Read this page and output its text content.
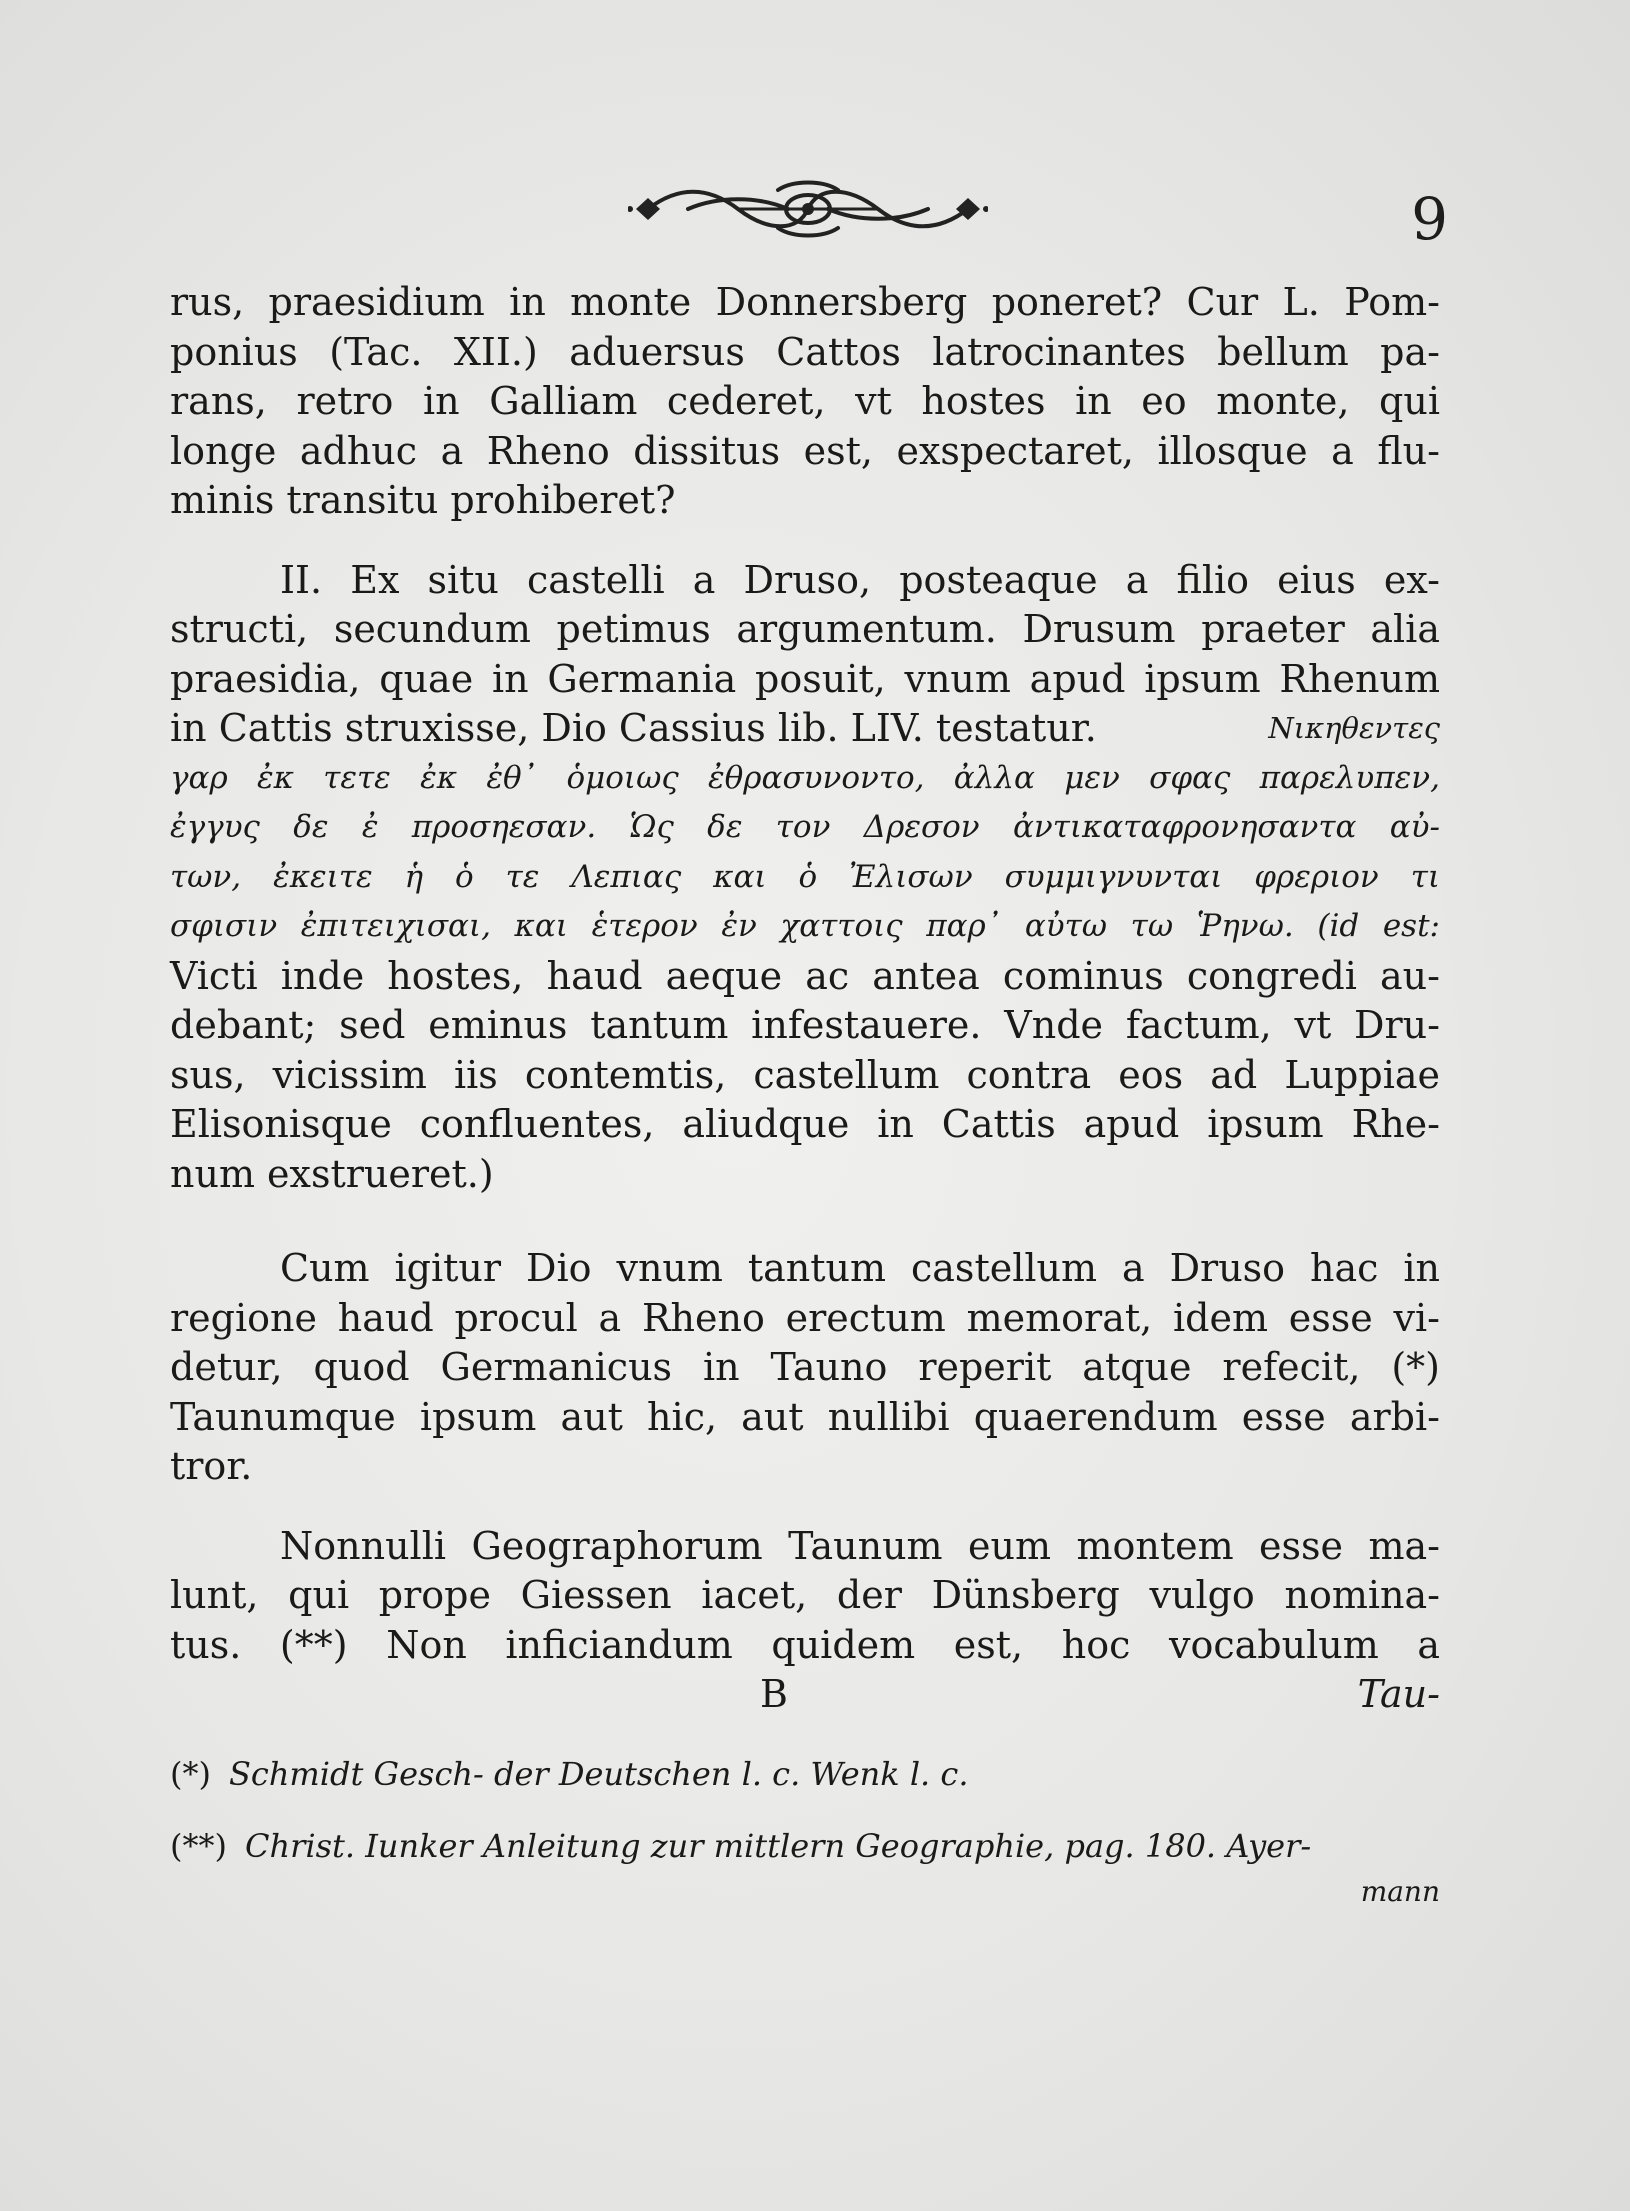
9
rus, praesidium in monte Donnersberg poneret? Cur L. Pom-
ponius (Tac. XII.) aduersus Cattos latrocinantes bellum pa-
rans, retro in Galliam cederet, vt hostes in eo monte, qui
longe adhuc a Rheno dissitus est, exspectaret, illosque a flu-
minis transitu prohiberet?
II. Ex situ castelli a Druso, posteaque a filio eius ex-
structi, secundum petimus argumentum. Drusum praeter alia
praesidia, quae in Germania posuit, vnum apud ipsum Rhenum
in Cattis struxisse, Dio Cassius lib. LIV. testatur.	Νικηθεντες
γαρ ἐκ τετε ἐκ ἐθ᾽ ὁμοιως ἐθρασυνοντο, ἀλλα μεν σφας παρελυπεν,
ἐγγυς δε ἐ προσηεσαν. Ὡς δε τον Δρεσον ἀντικαταφρονησαντα αὐ-
των, ἐκειτε ἡ ὁ τε Λεπιας και ὁ Ἐλισων συμμιγνυνται φρεριον τι
σφισιν ἐπιτειχισαι, και ἑτερον ἐν χαττοις παρ᾽ αὐτω τω Ῥηνω. (id est:
Victi inde hostes, haud aeque ac antea cominus congredi au-
debant; sed eminus tantum infestauere. Vnde factum, vt Dru-
sus, vicissim iis contemtis, castellum contra eos ad Luppiae
Elisonisque confluentes, aliudque in Cattis apud ipsum Rhe-
num exstrueret.)
Cum igitur Dio vnum tantum castellum a Druso hac in
regione haud procul a Rheno erectum memorat, idem esse vi-
detur, quod Germanicus in Tauno reperit atque refecit, (*)
Taunumque ipsum aut hic, aut nullibi quaerendum esse arbi-
tror.
Nonnulli Geographorum Taunum eum montem esse ma-
lunt, qui prope Giessen iacet, der Dünsberg vulgo nomina-
tus. (**) Non inficiandum quidem est, hoc vocabulum a
B	Tau-
(*) Schmidt Gesch- der Deutschen l. c. Wenk l. c.
(**) Christ. Iunker Anleitung zur mittlern Geographie, pag. 180. Ayer-
mann
